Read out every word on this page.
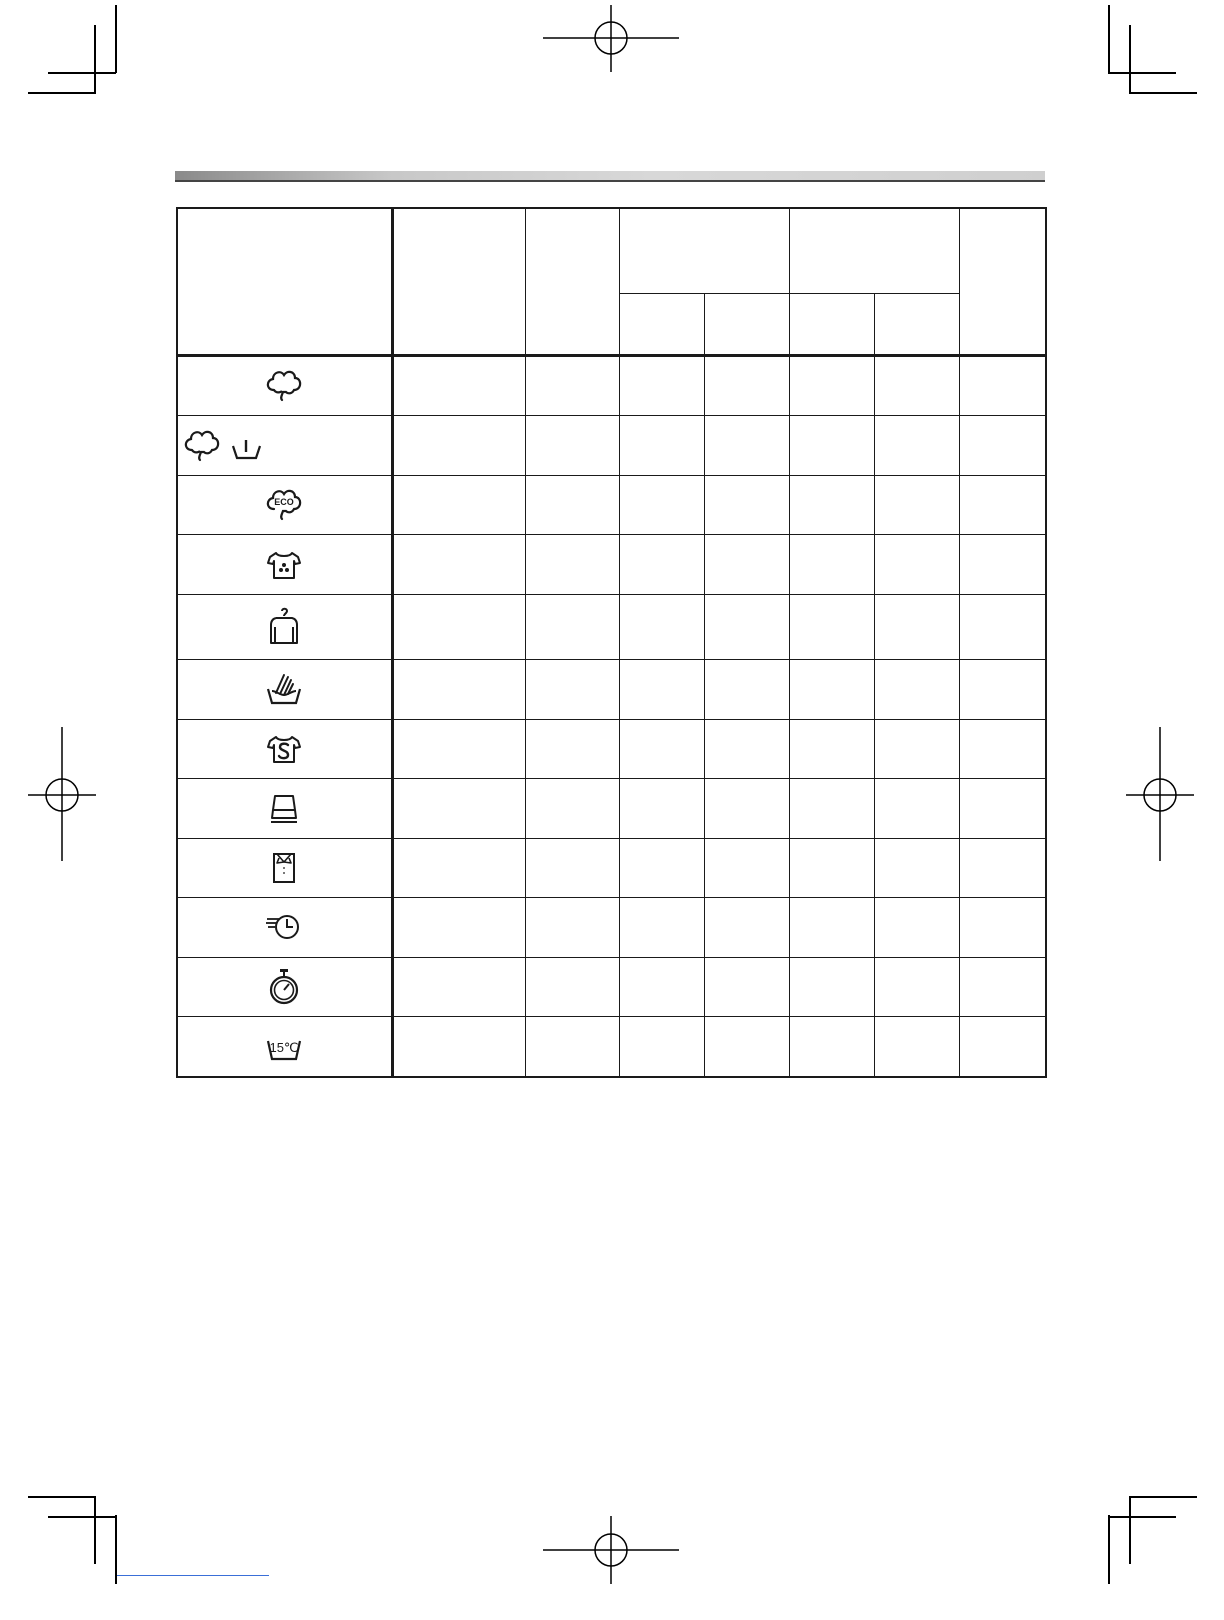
ECO							

15℃							
